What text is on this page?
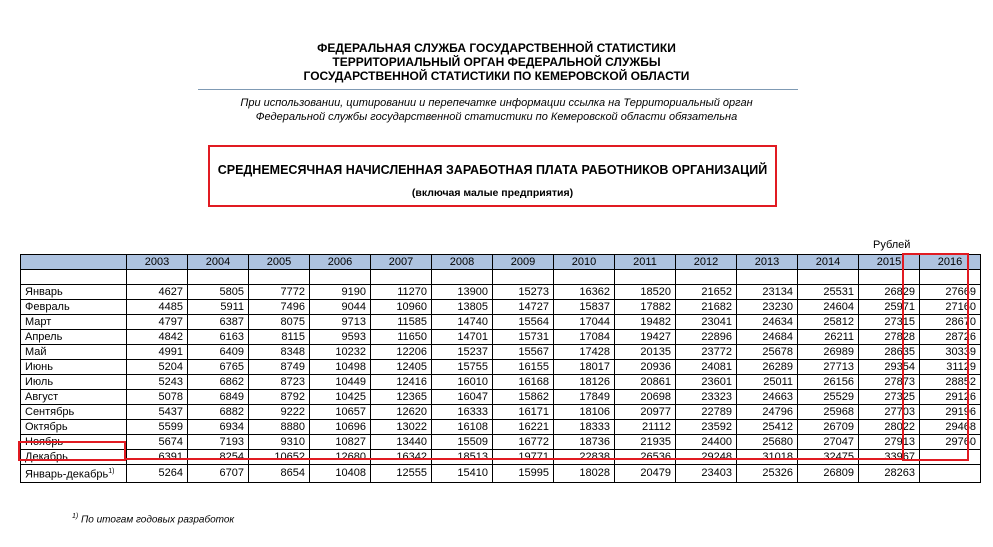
ФЕДЕРАЛЬНАЯ СЛУЖБА ГОСУДАРСТВЕННОЙ СТАТИСТИКИ
ТЕРРИТОРИАЛЬНЫЙ ОРГАН ФЕДЕРАЛЬНОЙ СЛУЖБЫ
ГОСУДАРСТВЕННОЙ СТАТИСТИКИ ПО КЕМЕРОВСКОЙ ОБЛАСТИ
При использовании, цитировании и перепечатке информации ссылка на Территориальный орган
Федеральной службы государственной статистики по Кемеровской области обязательна
СРЕДНЕМЕСЯЧНАЯ НАЧИСЛЕННАЯ ЗАРАБОТНАЯ ПЛАТА РАБОТНИКОВ ОРГАНИЗАЦИЙ
(включая малые предприятия)
Рублей
	2003	2004	2005	2006	2007	2008	2009	2010	2011	2012	2013	2014	2015	2016

Январь	4627	5805	7772	9190	11270	13900	15273	16362	18520	21652	23134	25531	26829	27669
Февраль	4485	5911	7496	9044	10960	13805	14727	15837	17882	21682	23230	24604	25971	27160
Март	4797	6387	8075	9713	11585	14740	15564	17044	19482	23041	24634	25812	27315	28670
Апрель	4842	6163	8115	9593	11650	14701	15731	17084	19427	22896	24684	26211	27828	28726
Май	4991	6409	8348	10232	12206	15237	15567	17428	20135	23772	25678	26989	28635	30339
Июнь	5204	6765	8749	10498	12405	15755	16155	18017	20936	24081	26289	27713	29354	31129
Июль	5243	6862	8723	10449	12416	16010	16168	18126	20861	23601	25011	26156	27873	28852
Август	5078	6849	8792	10425	12365	16047	15862	17849	20698	23323	24663	25529	27325	29126
Сентябрь	5437	6882	9222	10657	12620	16333	16171	18106	20977	22789	24796	25968	27703	29196
Октябрь	5599	6934	8880	10696	13022	16108	16221	18333	21112	23592	25412	26709	28022	29468
Ноябрь	5674	7193	9310	10827	13440	15509	16772	18736	21935	24400	25680	27047	27913	29760
Декабрь	6391	8254	10652	12680	16342	18513	19771	22838	26536	29248	31018	32475	33967	
Январь-декабрь$^{1)}$	5264	6707	8654	10408	12555	15410	15995	18028	20479	23403	25326	26809	28263	
$^{1)}$ По итогам годовых разработок
